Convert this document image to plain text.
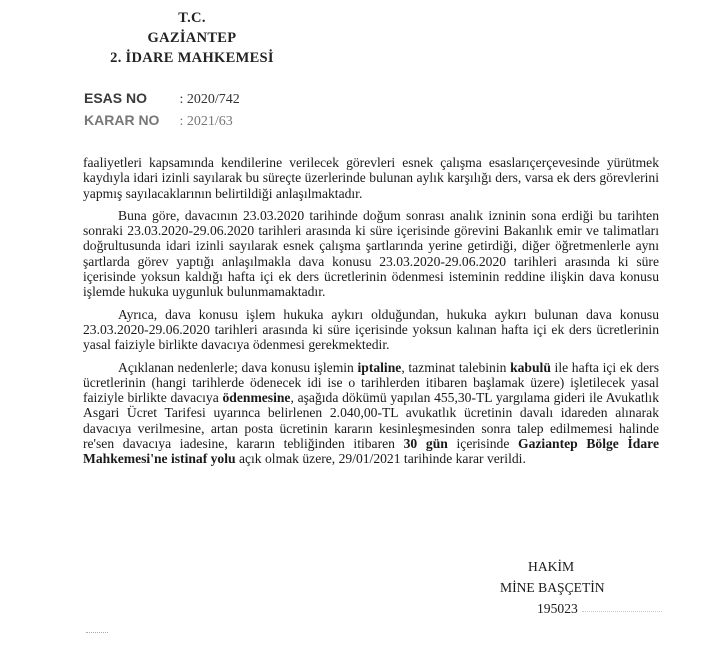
T.C.
GAZİANTEP
2. İDARE MAHKEMESİ
ESAS NO : 2020/742
KARAR NO : 2021/63

faaliyetleri kapsamında kendilerine verilecek görevleri esnek çalışma esaslarıçerçevesinde yürütmek kaydıyla idari izinli sayılarak bu süreçte üzerlerinde bulunan aylık karşılığı ders, varsa ek ders görevlerini yapmış sayılacaklarının belirtildiği anlaşılmaktadır.

Buna göre, davacının 23.03.2020 tarihinde doğum sonrası analık izninin sona erdiği bu tarihten sonraki 23.03.2020-29.06.2020 tarihleri arasında ki süre içerisinde görevini Bakanlık emir ve talimatları doğrultusunda idari izinli sayılarak esnek çalışma şartlarında yerine getirdiği, diğer öğretmenlerle aynı şartlarda görev yaptığı anlaşılmakla dava konusu 23.03.2020-29.06.2020 tarihleri arasında ki süre içerisinde yoksun kaldığı hafta içi ek ders ücretlerinin ödenmesi isteminin reddine ilişkin dava konusu işlemde hukuka uygunluk bulunmamaktadır.

Ayrıca, dava konusu işlem hukuka aykırı olduğundan, hukuka aykırı bulunan dava konusu 23.03.2020-29.06.2020 tarihleri arasında ki süre içerisinde yoksun kalınan hafta içi ek ders ücretlerinin yasal faiziyle birlikte davacıya ödenmesi gerekmektedir.

Açıklanan nedenlerle; dava konusu işlemin iptaline, tazminat talebinin kabulü ile hafta içi ek ders ücretlerinin (hangi tarihlerde ödenecek idi ise o tarihlerden itibaren başlamak üzere) işletilecek yasal faiziyle birlikte davacıya ödenmesine, aşağıda dökümü yapılan 455,30-TL yargılama gideri ile Avukatlık Asgari Ücret Tarifesi uyarınca belirlenen 2.040,00-TL avukatlık ücretinin davalı idareden alınarak davacıya verilmesine, artan posta ücretinin kararın kesinleşmesinden sonra talep edilmemesi halinde re'sen davacıya iadesine, kararın tebliğinden itibaren 30 gün içerisinde Gaziantep Bölge İdare Mahkemesi'ne istinaf yolu açık olmak üzere, 29/01/2021 tarihinde karar verildi.

HAKİM
MİNE BAŞÇETİN
195023
